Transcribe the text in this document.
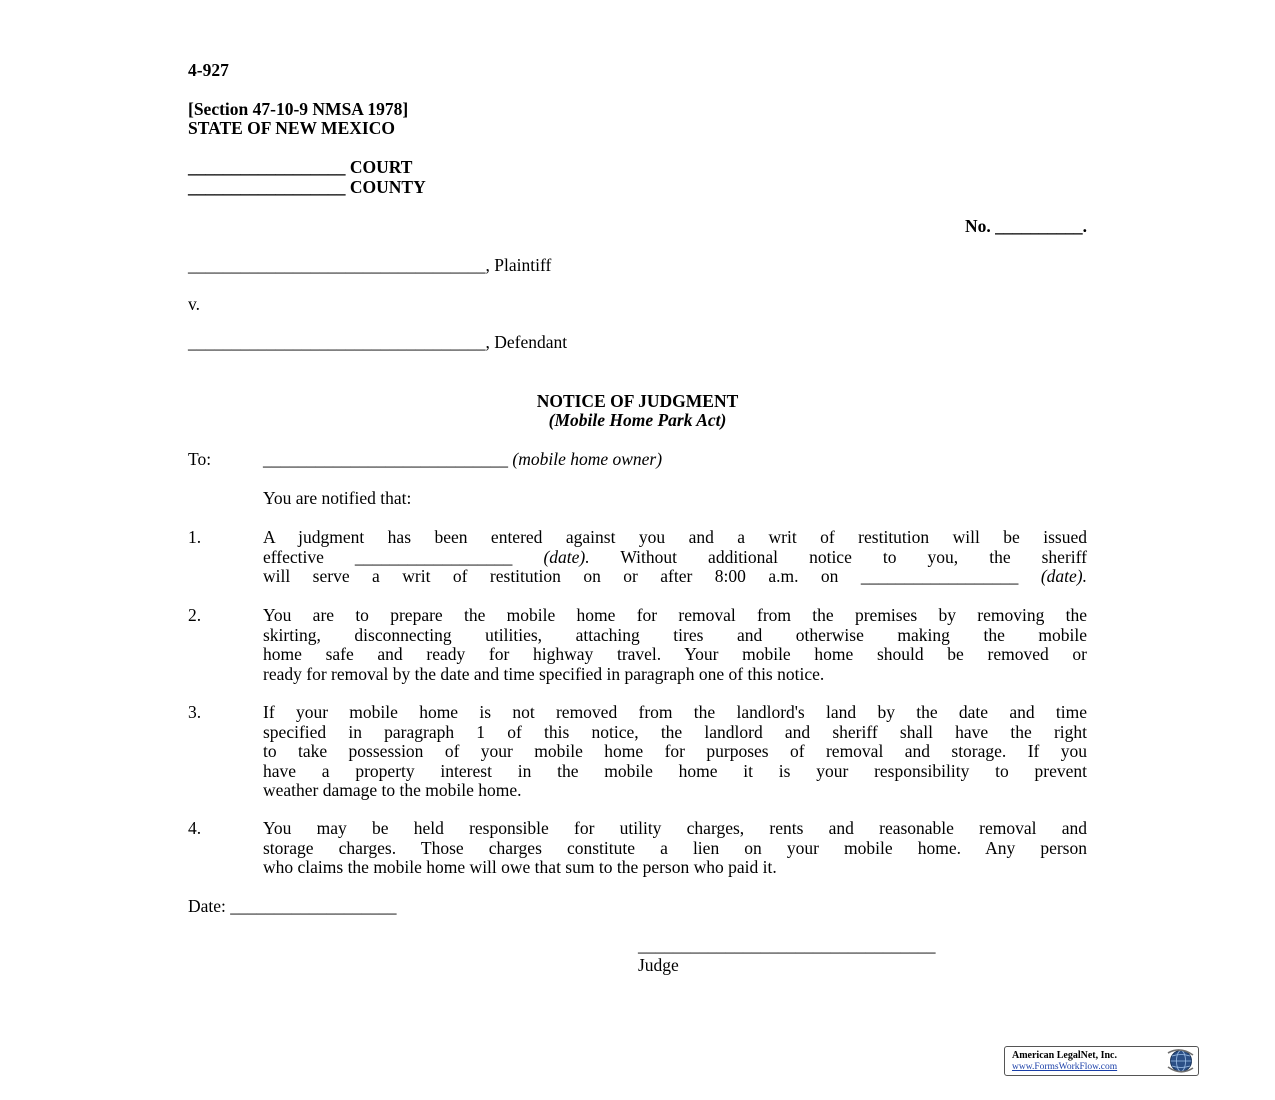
4-927
[Section 47-10-9 NMSA 1978]
STATE OF NEW MEXICO
__________________ COURT
__________________ COUNTY
No. __________.
__________________________________, Plaintiff
v.
__________________________________, Defendant
NOTICE OF JUDGMENT
(Mobile Home Park Act)
To:	____________________________ (mobile home owner)
You are notified that:
1.	A judgment has been entered against you and a writ of restitution will be issued
effective __________________ (date). Without additional notice to you, the sheriff
will serve a writ of restitution on or after 8:00 a.m. on __________________ (date).
2.	You are to prepare the mobile home for removal from the premises by removing the
skirting, disconnecting utilities, attaching tires and otherwise making the mobile
home safe and ready for highway travel. Your mobile home should be removed or
ready for removal by the date and time specified in paragraph one of this notice.
3.	If your mobile home is not removed from the landlord's land by the date and time
specified in paragraph 1 of this notice, the landlord and sheriff shall have the right
to take possession of your mobile home for purposes of removal and storage. If you
have a property interest in the mobile home it is your responsibility to prevent
weather damage to the mobile home.
4.	You may be held responsible for utility charges, rents and reasonable removal and
storage charges. Those charges constitute a lien on your mobile home. Any person
who claims the mobile home will owe that sum to the person who paid it.
Date: ___________________
__________________________________
Judge
American LegalNet, Inc.
www.FormsWorkFlow.com
